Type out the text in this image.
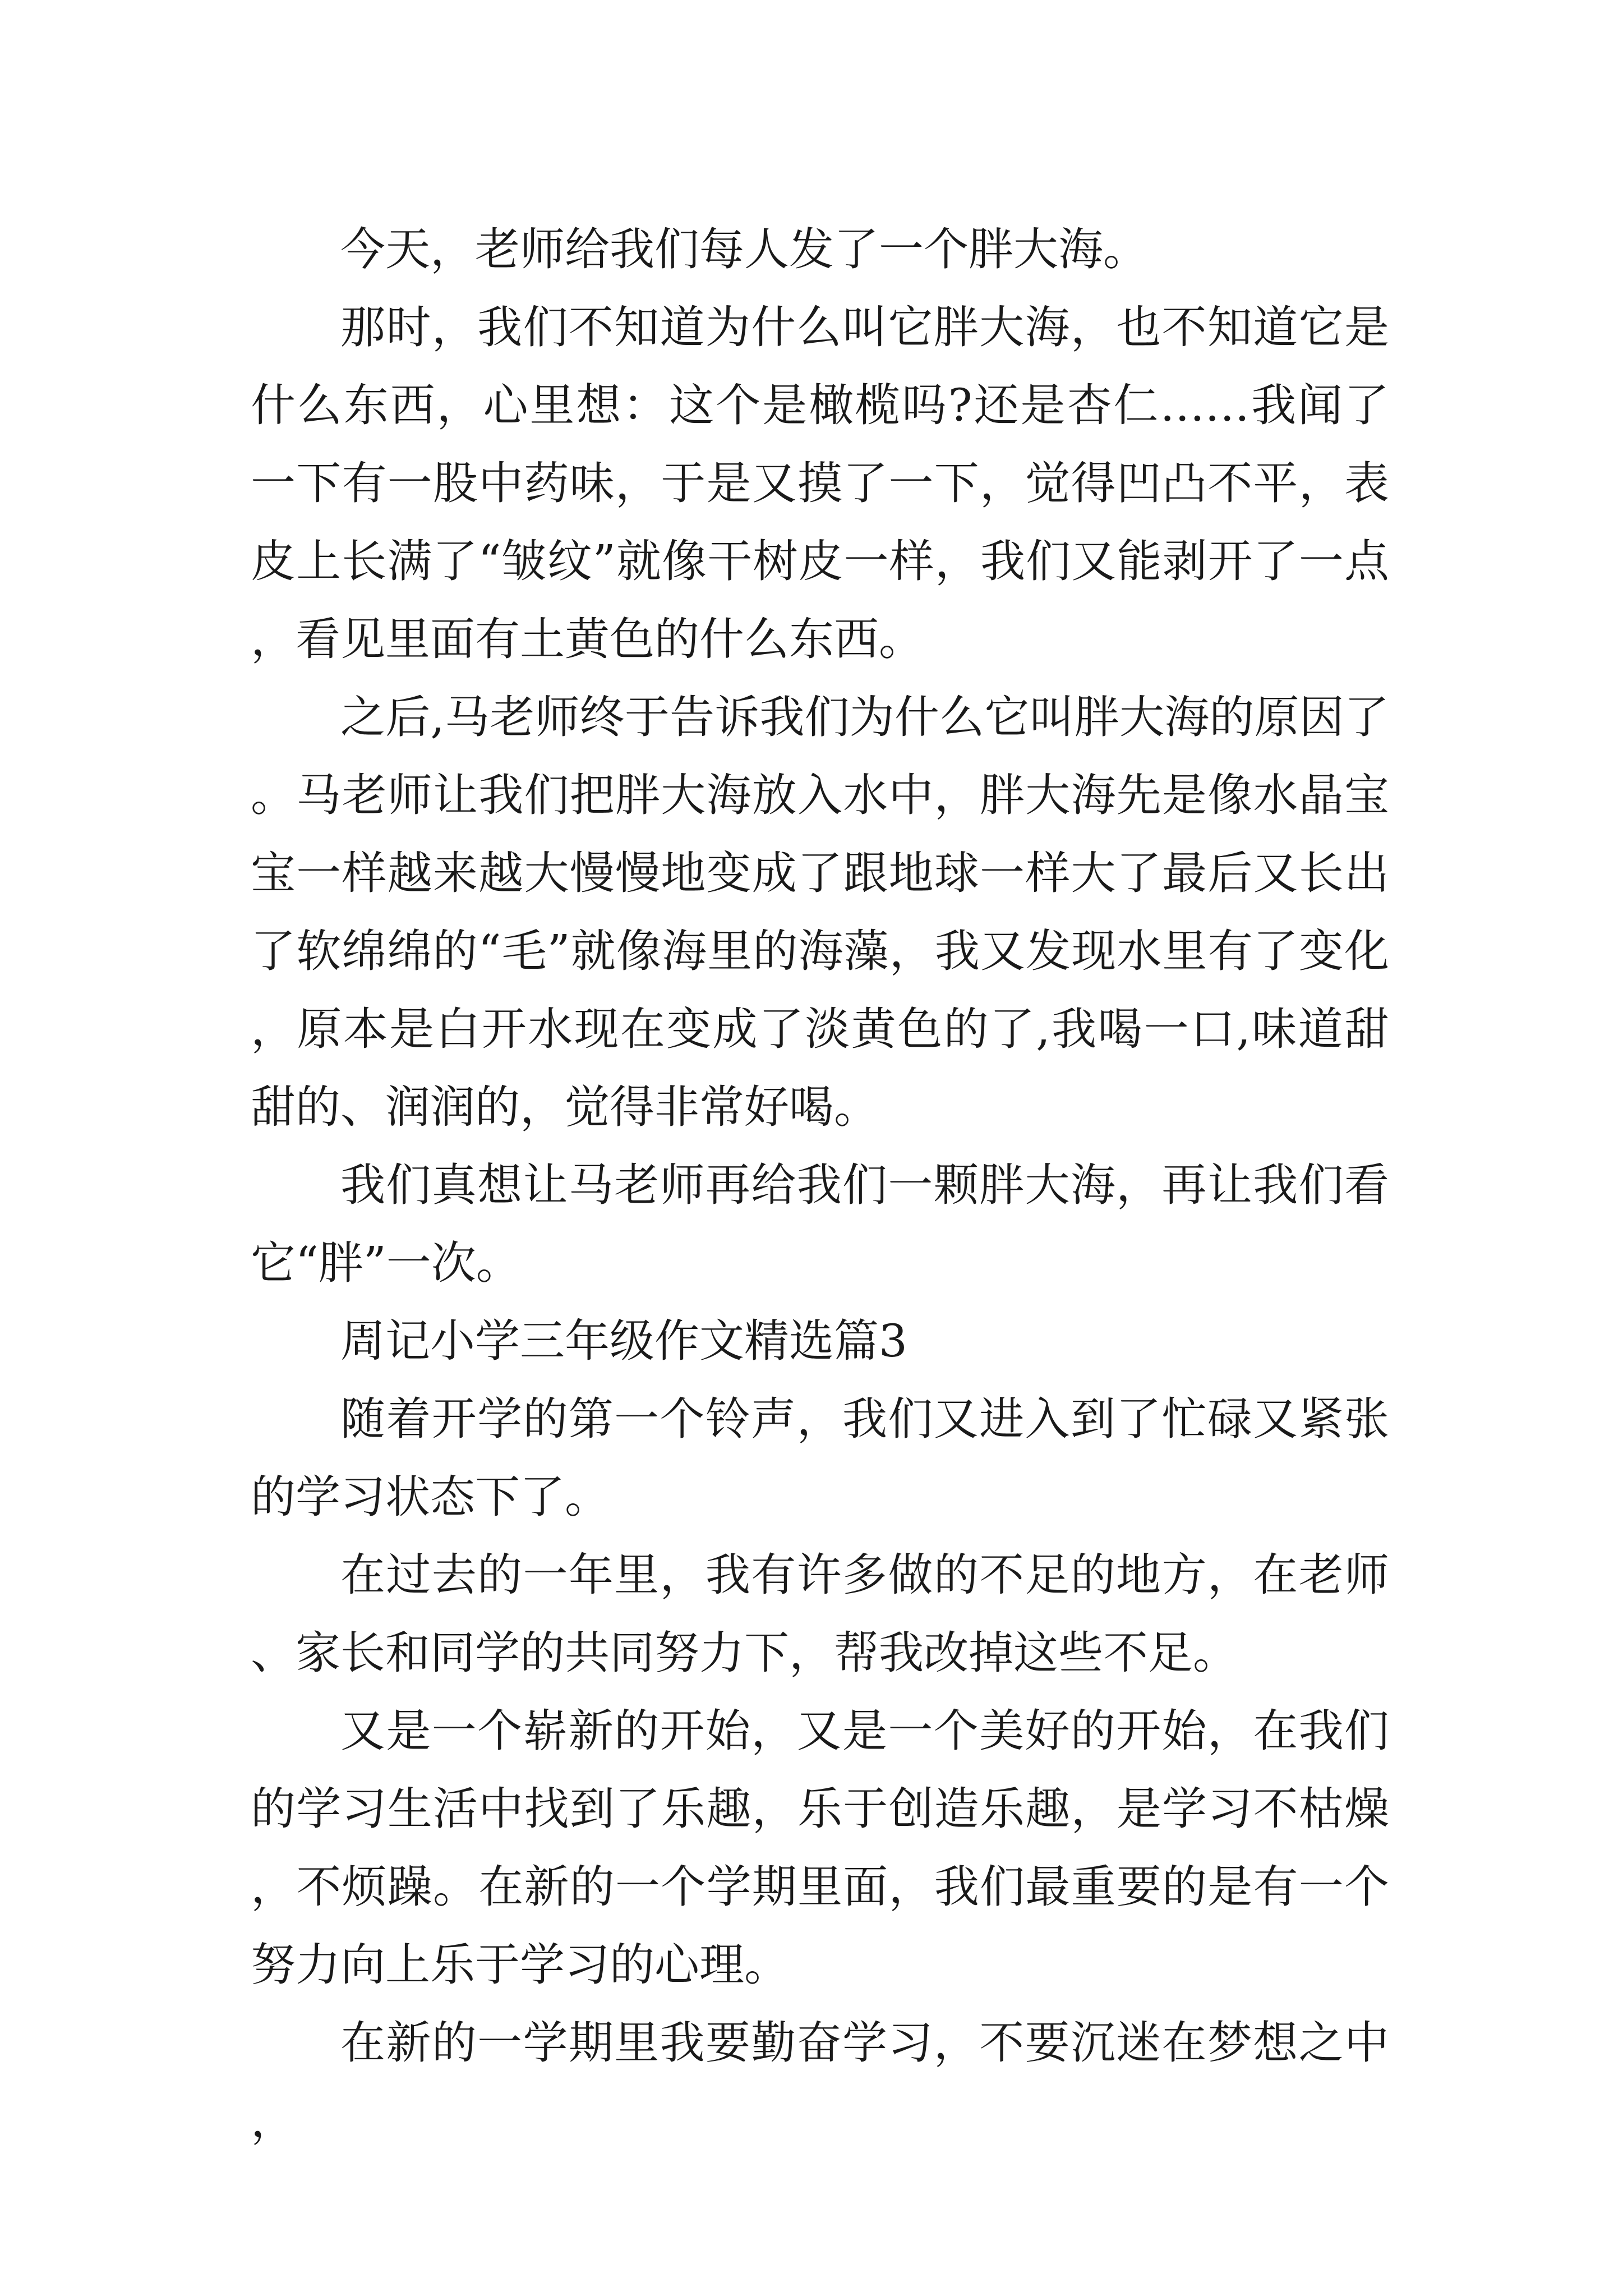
今天，老师给我们每人发了一个胖大海。

那时，我们不知道为什么叫它胖大海，也不知道它是什么东西，心里想：这个是橄榄吗?还是杏仁……我闻了一下有一股中药味，于是又摸了一下，觉得凹凸不平，表皮上长满了“皱纹”就像干树皮一样，我们又能剥开了一点，看见里面有土黄色的什么东西。

之后,马老师终于告诉我们为什么它叫胖大海的原因了。马老师让我们把胖大海放入水中，胖大海先是像水晶宝宝一样越来越大慢慢地变成了跟地球一样大了最后又长出了软绵绵的“毛”就像海里的海藻，我又发现水里有了变化，原本是白开水现在变成了淡黄色的了,我喝一口,味道甜甜的、润润的，觉得非常好喝。

我们真想让马老师再给我们一颗胖大海，再让我们看它“胖”一次。

周记小学三年级作文精选篇3

随着开学的第一个铃声，我们又进入到了忙碌又紧张的学习状态下了。

在过去的一年里，我有许多做的不足的地方，在老师、家长和同学的共同努力下，帮我改掉这些不足。

又是一个崭新的开始，又是一个美好的开始，在我们的学习生活中找到了乐趣，乐于创造乐趣，是学习不枯燥，不烦躁。在新的一个学期里面，我们最重要的是有一个努力向上乐于学习的心理。

在新的一学期里我要勤奋学习，不要沉迷在梦想之中，
